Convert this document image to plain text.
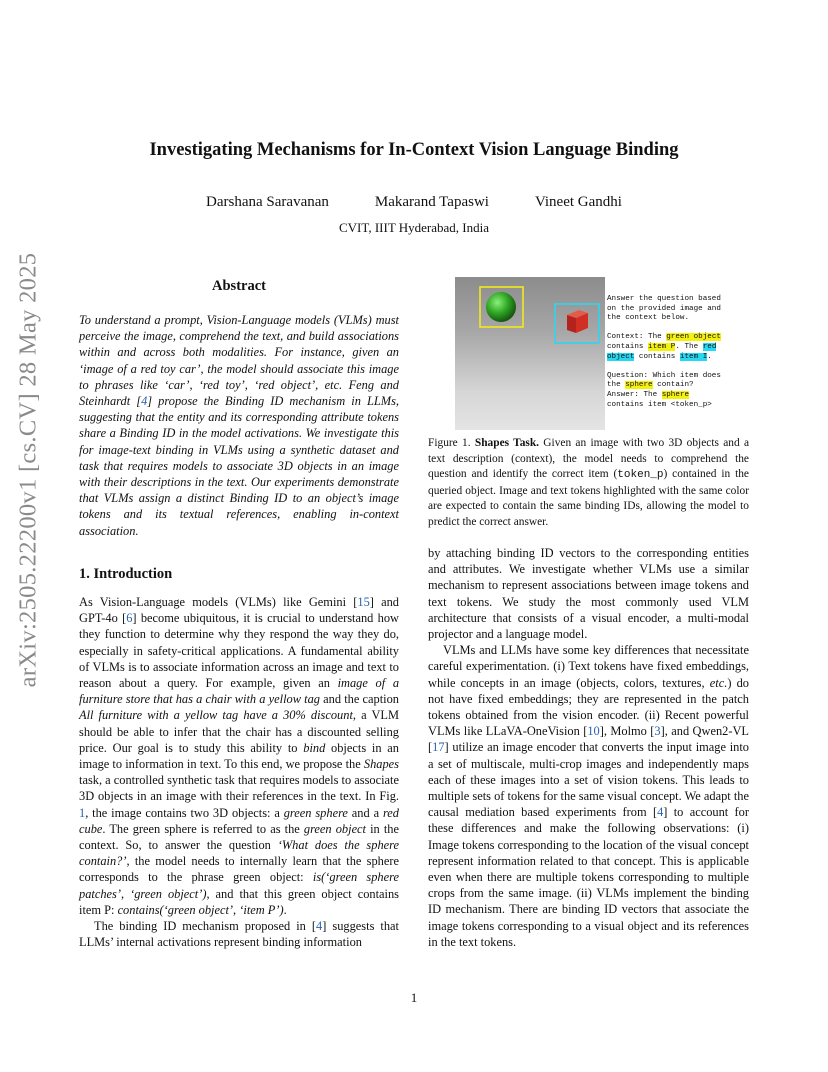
arXiv:2505.22200v1 [cs.CV] 28 May 2025
Investigating Mechanisms for In-Context Vision Language Binding
Darshana Saravanan	Makarand Tapaswi	Vineet Gandhi
CVIT, IIIT Hyderabad, India
Abstract
To understand a prompt, Vision-Language models (VLMs) must perceive the image, comprehend the text, and build associations within and across both modalities. For instance, given an ‘image of a red toy car’, the model should associate this image to phrases like ‘car’, ‘red toy’, ‘red object’, etc. Feng and Steinhardt [4] propose the Binding ID mechanism in LLMs, suggesting that the entity and its corresponding attribute tokens share a Binding ID in the model activations. We investigate this for image-text binding in VLMs using a synthetic dataset and task that requires models to associate 3D objects in an image with their descriptions in the text. Our experiments demonstrate that VLMs assign a distinct Binding ID to an object’s image tokens and its textual references, enabling in-context association.
1. Introduction

As Vision-Language models (VLMs) like Gemini [15] and GPT-4o [6] become ubiquitous, it is crucial to understand how they function to determine why they respond the way they do, especially in safety-critical applications. A fundamental ability of VLMs is to associate information across an image and text to reason about a query. For example, given an image of a furniture store that has a chair with a yellow tag and the caption All furniture with a yellow tag have a 30% discount, a VLM should be able to infer that the chair has a discounted selling price. Our goal is to study this ability to bind objects in an image to information in text. To this end, we propose the Shapes task, a controlled synthetic task that requires models to associate 3D objects in an image with their references in the text. In Fig. 1, the image contains two 3D objects: a green sphere and a red cube. The green sphere is referred to as the green object in the context. So, to answer the question ‘What does the sphere contain?’, the model needs to internally learn that the sphere corresponds to the phrase green object: is(‘green sphere patches’, ‘green object’), and that this green object contains item P: contains(‘green object’, ‘item P’).

The binding ID mechanism proposed in [4] suggests that LLMs’ internal activations represent binding information

Answer the question based
on the provided image and
the context below.

Context: The green object
contains item P. The red
object contains item I.

Question: Which item does
the sphere contain?
Answer: The sphere
contains item <token_p>
Figure 1. Shapes Task. Given an image with two 3D objects and a text description (context), the model needs to comprehend the question and identify the correct item (token_p) contained in the queried object. Image and text tokens highlighted with the same color are expected to contain the same binding IDs, allowing the model to predict the correct answer.

by attaching binding ID vectors to the corresponding entities and attributes. We investigate whether VLMs use a similar mechanism to represent associations between image tokens and text tokens. We study the most commonly used VLM architecture that consists of a visual encoder, a multi-modal projector and a language model.

VLMs and LLMs have some key differences that necessitate careful experimentation. (i) Text tokens have fixed embeddings, while concepts in an image (objects, colors, textures, etc.) do not have fixed embeddings; they are represented in the patch tokens obtained from the vision encoder. (ii) Recent powerful VLMs like LLaVA-OneVision [10], Molmo [3], and Qwen2-VL [17] utilize an image encoder that converts the input image into a set of multiscale, multi-crop images and independently maps each of these images into a set of vision tokens. This leads to multiple sets of tokens for the same visual concept. We adapt the causal mediation based experiments from [4] to account for these differences and make the following observations: (i) Image tokens corresponding to the location of the visual concept represent information related to that concept. This is applicable even when there are multiple tokens corresponding to multiple crops from the same image. (ii) VLMs implement the binding ID mechanism. There are binding ID vectors that associate the image tokens corresponding to a visual object and its references in the text tokens.

1
